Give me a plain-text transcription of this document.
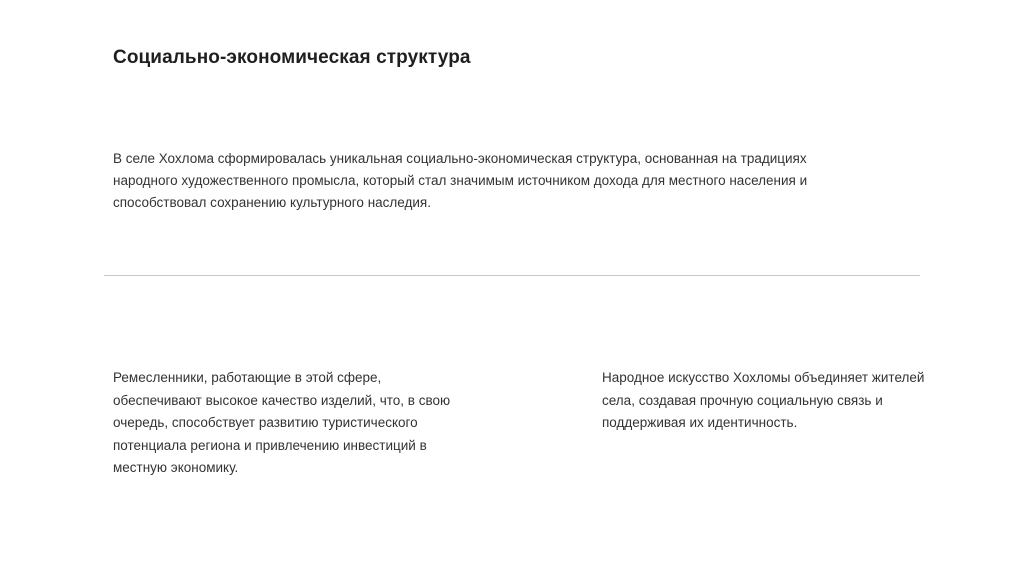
Социально-экономическая структура

В селе Хохлома сформировалась уникальная социально-экономическая структура, основанная на традициях народного художественного промысла, который стал значимым источником дохода для местного населения и способствовал сохранению культурного наследия.

Ремесленники, работающие в этой сфере, обеспечивают высокое качество изделий, что, в свою очередь, способствует развитию туристического потенциала региона и привлечению инвестиций в местную экономику.

Народное искусство Хохломы объединяет жителей села, создавая прочную социальную связь и поддерживая их идентичность.
